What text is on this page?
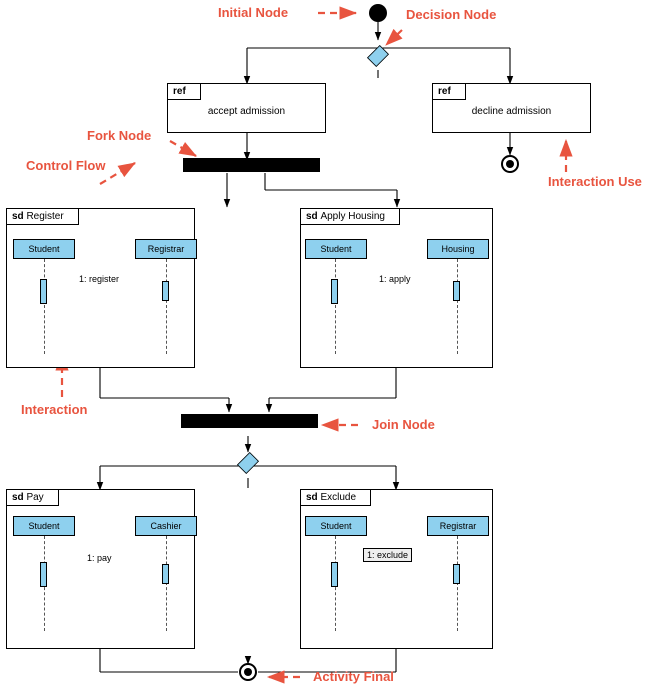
Initial Node	Decision Node
Fork Node
Control Flow
Interaction Use
Interaction
Join Node
Activity Final
ref
accept admission
ref
decline admission
sd Register
Student	Registrar
1: register
sd Apply Housing
Student	Housing
1: apply
sd Pay
Student	Cashier
1: pay
sd Exclude
Student	Registrar
1: exclude
